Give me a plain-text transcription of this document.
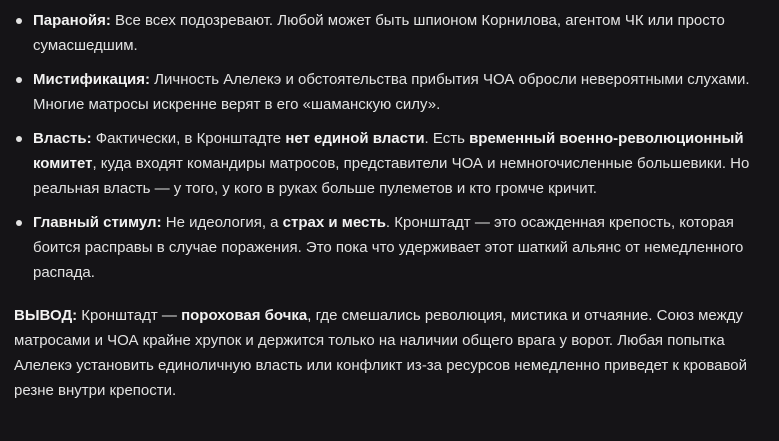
Паранойя: Все всех подозревают. Любой может быть шпионом Корнилова, агентом ЧК или просто сумасшедшим.
Мистификация: Личность Алелекэ и обстоятельства прибытия ЧОА обросли невероятными слухами. Многие матросы искренне верят в его «шаманскую силу».
Власть: Фактически, в Кронштадте нет единой власти. Есть временный военно-революционный комитет, куда входят командиры матросов, представители ЧОА и немногочисленные большевики. Но реальная власть — у того, у кого в руках больше пулеметов и кто громче кричит.
Главный стимул: Не идеология, а страх и месть. Кронштадт — это осажденная крепость, которая боится расправы в случае поражения. Это пока что удерживает этот шаткий альянс от немедленного распада.

ВЫВОД: Кронштадт — пороховая бочка, где смешались революция, мистика и отчаяние. Союз между матросами и ЧОА крайне хрупок и держится только на наличии общего врага у ворот. Любая попытка Алелекэ установить единоличную власть или конфликт из-за ресурсов немедленно приведет к кровавой резне внутри крепости.
